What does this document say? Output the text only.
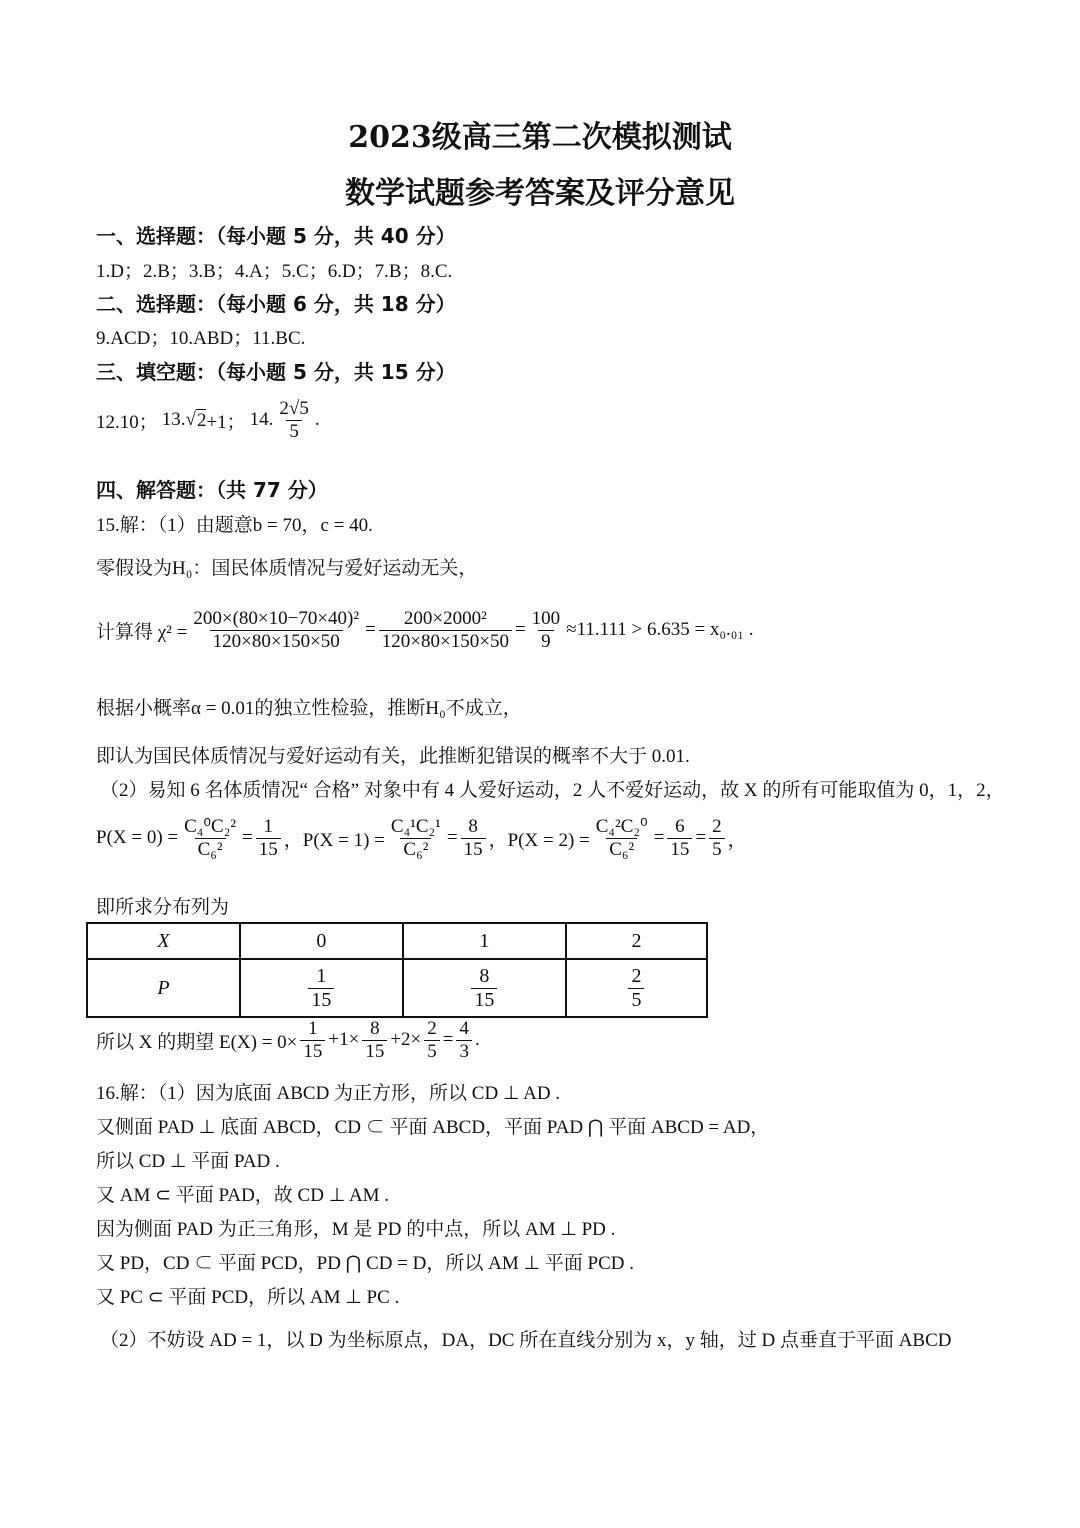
2023级高三第二次模拟测试
数学试题参考答案及评分意见
一、选择题：（每小题 5 分，共 40 分）
1.D；2.B；3.B；4.A；5.C；6.D；7.B；8.C.
二、选择题：（每小题 6 分，共 18 分）
9.ACD；10.ABD；11.BC.
三、填空题：（每小题 5 分，共 15 分）
12.10； 13. √ 2 +1； 14. $\frac{2√5}{5}$ .
四、解答题：（共 77 分）
15.解：（1）由题意b = 70，c = 40.
零假设为H₀：国民体质情况与爱好运动无关，
计算得 $\chi^2 = \frac{\text{200×(80×10−70×40)²}}{120\times 80\times 150\times 50} = \frac{\text{200×2000²}}{120\times 80\times 150\times 50} = \frac{100}{9} \approx 11.111 > 6.635 = x_0._{01}$ .
根据小概率α = 0.01的独立性检验，推断H₀不成立，
即认为国民体质情况与爱好运动有关，此推断犯错误的概率不大于 0.01.
（2）易知 6 名体质情况“ 合格” 对象中有 4 人爱好运动，2 人不爱好运动，故 X 的所有可能取值为 0，1，2，
$P(X = 0) = \frac{\text{C₄⁰C₂²}}{\text{C₆²}} = \frac{1}{15}$ ，$P(X = 1) = \frac{\text{C₄¹C₂¹}}{\text{C₆²}} = \frac{8}{15}$ ，$P(X = 2) = \frac{\text{C₄²C₂⁰}}{\text{C₆²}} = \frac{6}{15} = \frac{2}{5}$ ，
即所求分布列为
X	0	1	2
P	$\frac{1}{15}$	$\frac{8}{15}$	$\frac{2}{5}$
所以 X 的期望 $E(X) = 0\times \frac{1}{15} +1\times \frac{8}{15} +2\times \frac{2}{5} = \frac{4}{3}$ .
16.解：（1）因为底面 ABCD 为正方形，所以 CD ⊥ AD .
又侧面 PAD ⊥ 底面 ABCD，CD ⊂ 平面 ABCD，平面 PAD ⋂ 平面 ABCD = AD，
所以 CD ⊥ 平面 PAD .
又 AM ⊂ 平面 PAD，故 CD ⊥ AM .
因为侧面 PAD 为正三角形，M 是 PD 的中点，所以 AM ⊥ PD .
又 PD，CD ⊂ 平面 PCD，PD ⋂ CD = D，所以 AM ⊥ 平面 PCD .
又 PC ⊂ 平面 PCD，所以 AM ⊥ PC .
（2）不妨设 AD = 1，以 D 为坐标原点，DA，DC 所在直线分别为 x，y 轴，过 D 点垂直于平面 ABCD
